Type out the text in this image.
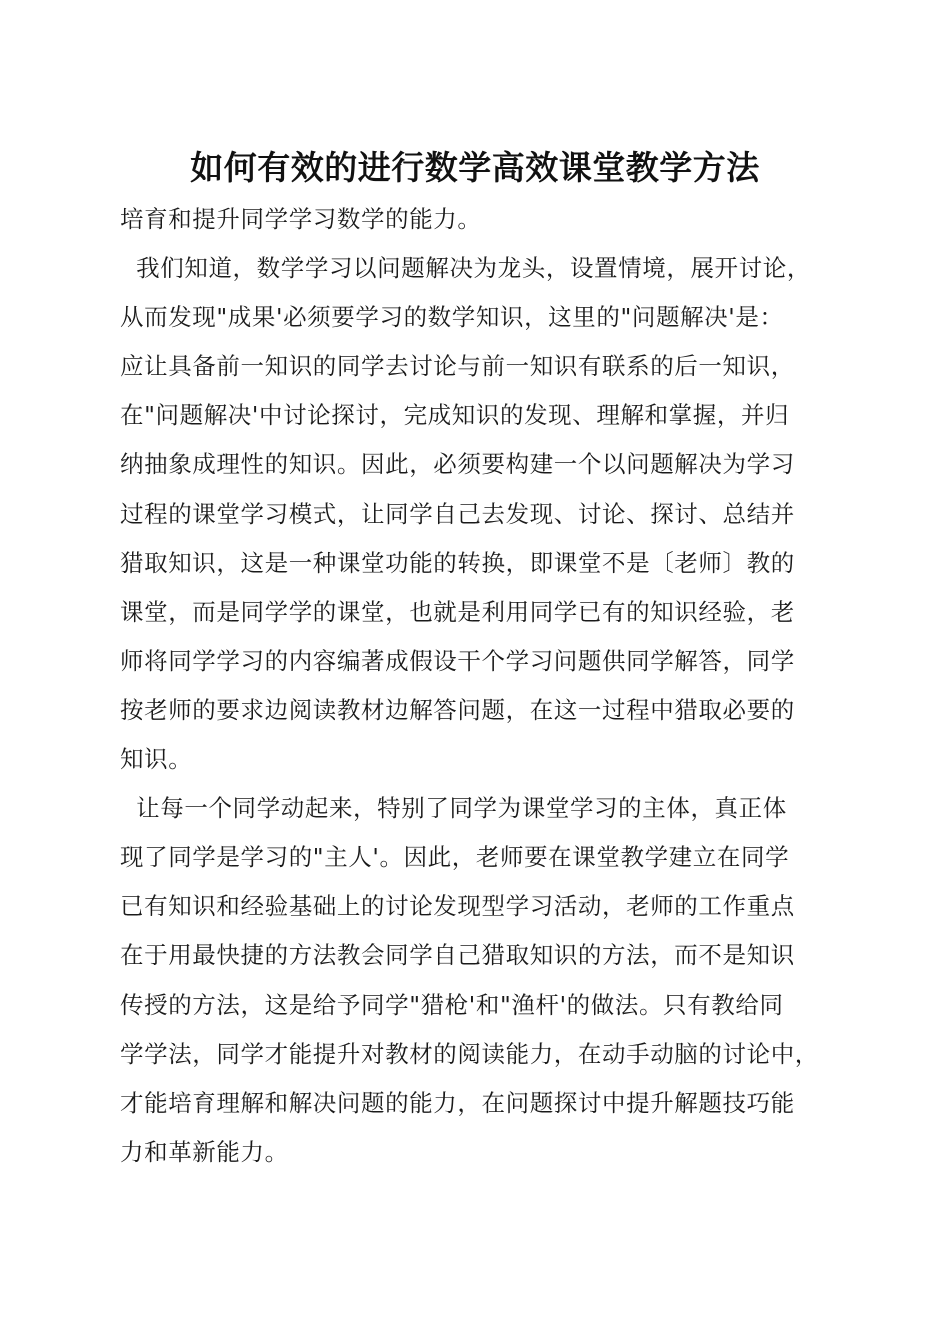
如何有效的进行数学高效课堂教学方法
培育和提升同学学习数学的能力。
我们知道，数学学习以问题解决为龙头，设置情境，展开讨论，
从而发现"成果'必须要学习的数学知识，这里的"问题解决'是：
应让具备前一知识的同学去讨论与前一知识有联系的后一知识，
在"问题解决'中讨论探讨，完成知识的发现、理解和掌握，并归
纳抽象成理性的知识。因此，必须要构建一个以问题解决为学习
过程的课堂学习模式，让同学自己去发现、讨论、探讨、总结并
猎取知识，这是一种课堂功能的转换，即课堂不是〔老师〕教的
课堂，而是同学学的课堂，也就是利用同学已有的知识经验，老
师将同学学习的内容编著成假设干个学习问题供同学解答，同学
按老师的要求边阅读教材边解答问题，在这一过程中猎取必要的
知识。
让每一个同学动起来，特别了同学为课堂学习的主体，真正体
现了同学是学习的"主人'。因此，老师要在课堂教学建立在同学
已有知识和经验基础上的讨论发现型学习活动，老师的工作重点
在于用最快捷的方法教会同学自己猎取知识的方法，而不是知识
传授的方法，这是给予同学"猎枪'和"渔杆'的做法。只有教给同
学学法，同学才能提升对教材的阅读能力，在动手动脑的讨论中，
才能培育理解和解决问题的能力，在问题探讨中提升解题技巧能
力和革新能力。
